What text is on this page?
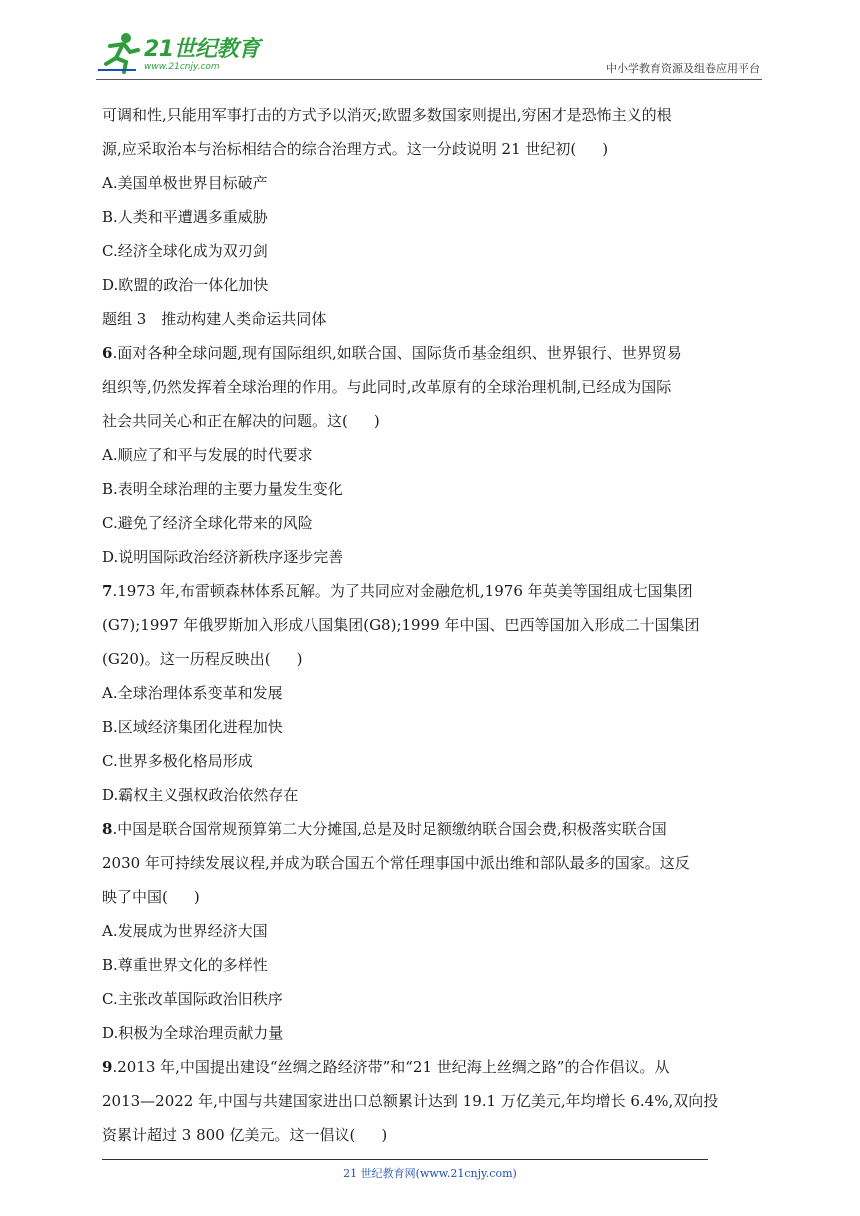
21世纪教育
www.21cnjy.com	中小学教育资源及组卷应用平台
可调和性,只能用军事打击的方式予以消灭;欧盟多数国家则提出,穷困才是恐怖主义的根
源,应采取治本与治标相结合的综合治理方式。这一分歧说明 21 世纪初( )
A.美国单极世界目标破产
B.人类和平遭遇多重威胁
C.经济全球化成为双刃剑
D.欧盟的政治一体化加快
题组 3　推动构建人类命运共同体
6.面对各种全球问题,现有国际组织,如联合国、国际货币基金组织、世界银行、世界贸易
组织等,仍然发挥着全球治理的作用。与此同时,改革原有的全球治理机制,已经成为国际
社会共同关心和正在解决的问题。这( )
A.顺应了和平与发展的时代要求
B.表明全球治理的主要力量发生变化
C.避免了经济全球化带来的风险
D.说明国际政治经济新秩序逐步完善
7.1973 年,布雷顿森林体系瓦解。为了共同应对金融危机,1976 年英美等国组成七国集团
(G7);1997 年俄罗斯加入形成八国集团(G8);1999 年中国、巴西等国加入形成二十国集团
(G20)。这一历程反映出( )
A.全球治理体系变革和发展
B.区域经济集团化进程加快
C.世界多极化格局形成
D.霸权主义强权政治依然存在
8.中国是联合国常规预算第二大分摊国,总是及时足额缴纳联合国会费,积极落实联合国
2030 年可持续发展议程,并成为联合国五个常任理事国中派出维和部队最多的国家。这反
映了中国( )
A.发展成为世界经济大国
B.尊重世界文化的多样性
C.主张改革国际政治旧秩序
D.积极为全球治理贡献力量
9.2013 年,中国提出建设“丝绸之路经济带”和“21 世纪海上丝绸之路”的合作倡议。从
2013—2022 年,中国与共建国家进出口总额累计达到 19.1 万亿美元,年均增长 6.4%,双向投
资累计超过 3 800 亿美元。这一倡议( )
21 世纪教育网(www.21cnjy.com)
